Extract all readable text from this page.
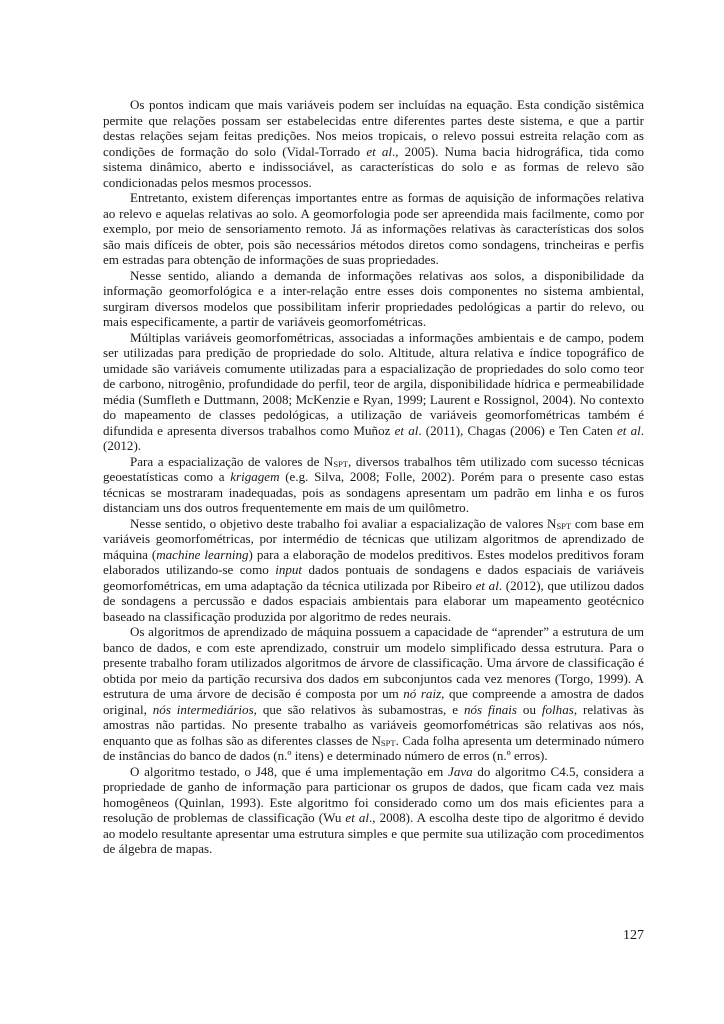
Os pontos indicam que mais variáveis podem ser incluídas na equação. Esta condição sistêmica permite que relações possam ser estabelecidas entre diferentes partes deste sistema, e que a partir destas relações sejam feitas predições. Nos meios tropicais, o relevo possui estreita relação com as condições de formação do solo (Vidal-Torrado et al., 2005). Numa bacia hidrográfica, tida como sistema dinâmico, aberto e indissociável, as características do solo e as formas de relevo são condicionadas pelos mesmos processos.

Entretanto, existem diferenças importantes entre as formas de aquisição de informações relativa ao relevo e aquelas relativas ao solo. A geomorfologia pode ser apreendida mais facilmente, como por exemplo, por meio de sensoriamento remoto. Já as informações relativas às características dos solos são mais difíceis de obter, pois são necessários métodos diretos como sondagens, trincheiras e perfis em estradas para obtenção de informações de suas propriedades.

Nesse sentido, aliando a demanda de informações relativas aos solos, a disponibilidade da informação geomorfológica e a inter-relação entre esses dois componentes no sistema ambiental, surgiram diversos modelos que possibilitam inferir propriedades pedológicas a partir do relevo, ou mais especificamente, a partir de variáveis geomorfométricas.

Múltiplas variáveis geomorfométricas, associadas a informações ambientais e de campo, podem ser utilizadas para predição de propriedade do solo. Altitude, altura relativa e índice topográfico de umidade são variáveis comumente utilizadas para a espacialização de propriedades do solo como teor de carbono, nitrogênio, profundidade do perfil, teor de argila, disponibilidade hídrica e permeabilidade média (Sumfleth e Duttmann, 2008; McKenzie e Ryan, 1999; Laurent e Rossignol, 2004). No contexto do mapeamento de classes pedológicas, a utilização de variáveis geomorfométricas também é difundida e apresenta diversos trabalhos como Muñoz et al. (2011), Chagas (2006) e Ten Caten et al. (2012).

Para a espacialização de valores de $N_{SPT}$, diversos trabalhos têm utilizado com sucesso técnicas geoestatísticas como a krigagem (e.g. Silva, 2008; Folle, 2002). Porém para o presente caso estas técnicas se mostraram inadequadas, pois as sondagens apresentam um padrão em linha e os furos distanciam uns dos outros frequentemente em mais de um quilômetro.

Nesse sentido, o objetivo deste trabalho foi avaliar a espacialização de valores $N_{SPT}$ com base em variáveis geomorfométricas, por intermédio de técnicas que utilizam algoritmos de aprendizado de máquina (machine learning) para a elaboração de modelos preditivos. Estes modelos preditivos foram elaborados utilizando-se como input dados pontuais de sondagens e dados espaciais de variáveis geomorfométricas, em uma adaptação da técnica utilizada por Ribeiro et al. (2012), que utilizou dados de sondagens a percussão e dados espaciais ambientais para elaborar um mapeamento geotécnico baseado na classificação produzida por algoritmo de redes neurais.

Os algoritmos de aprendizado de máquina possuem a capacidade de “aprender” a estrutura de um banco de dados, e com este aprendizado, construir um modelo simplificado dessa estrutura. Para o presente trabalho foram utilizados algoritmos de árvore de classificação. Uma árvore de classificação é obtida por meio da partição recursiva dos dados em subconjuntos cada vez menores (Torgo, 1999). A estrutura de uma árvore de decisão é composta por um nó raiz, que compreende a amostra de dados original, nós intermediários, que são relativos às subamostras, e nós finais ou folhas, relativas às amostras não partidas. No presente trabalho as variáveis geomorfométricas são relativas aos nós, enquanto que as folhas são as diferentes classes de $N_{SPT}$. Cada folha apresenta um determinado número de instâncias do banco de dados (n.º itens) e determinado número de erros (n.º erros).

O algoritmo testado, o J48, que é uma implementação em Java do algoritmo C4.5, considera a propriedade de ganho de informação para particionar os grupos de dados, que ficam cada vez mais homogêneos (Quinlan, 1993). Este algoritmo foi considerado como um dos mais eficientes para a resolução de problemas de classificação (Wu et al., 2008). A escolha deste tipo de algoritmo é devido ao modelo resultante apresentar uma estrutura simples e que permite sua utilização com procedimentos de álgebra de mapas.

127
